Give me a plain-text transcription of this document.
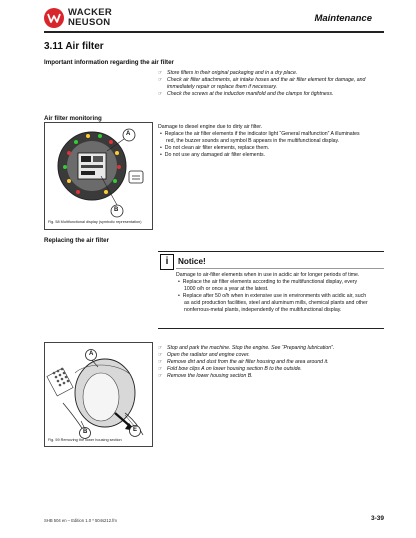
WACKER
NEUSON	Maintenance
3.11 Air filter
Important information regarding the air filter
☞ Store filters in their original packaging and in a dry place.
☞ Check air filter attachments, air intake hoses and the air filter element for damage, and
immediately repair or replace them if necessary.
☞ Check the screws at the induction manifold and the clamps for tightness.
Air filter monitoring
A
B
Fig. 58 Multifunctional display (symbolic representation)
Damage to diesel engine due to dirty air filter.
•  Replace the air filter elements if the indicator light “General malfunction” A illuminates
red, the buzzer sounds and symbol B appears in the multifunctional display.
•  Do not clean air filter elements, replace them.
•  Do not use any damaged air filter elements.
Replacing the air filter
i	Notice!
Damage to air-filter elements when in use in acidic air for longer periods of time.
•  Replace the air filter elements according to the multifunctional display, every
1000 o/h or once a year at the latest.
•  Replace after 50 o/h when in extensive use in environments with acidic air, such
as acid production facilities, steel and aluminum mills, chemical plants and other
nonferrous-metal plants, independently of the multifunctional display.
A
B	E
Fig. 59 Removing the lower housing section
☞ Stop and park the machine. Stop the engine. See “Preparing lubrication”.
☞ Open the radiator and engine cover.
☞ Remove dirt and dust from the air filter housing and the area around it.
☞ Fold bow clips A on lower housing section B to the outside.
☞ Remove the lower housing section B.
SHB 504 en – Edition 1.0 * 504s212.fm	3-39
